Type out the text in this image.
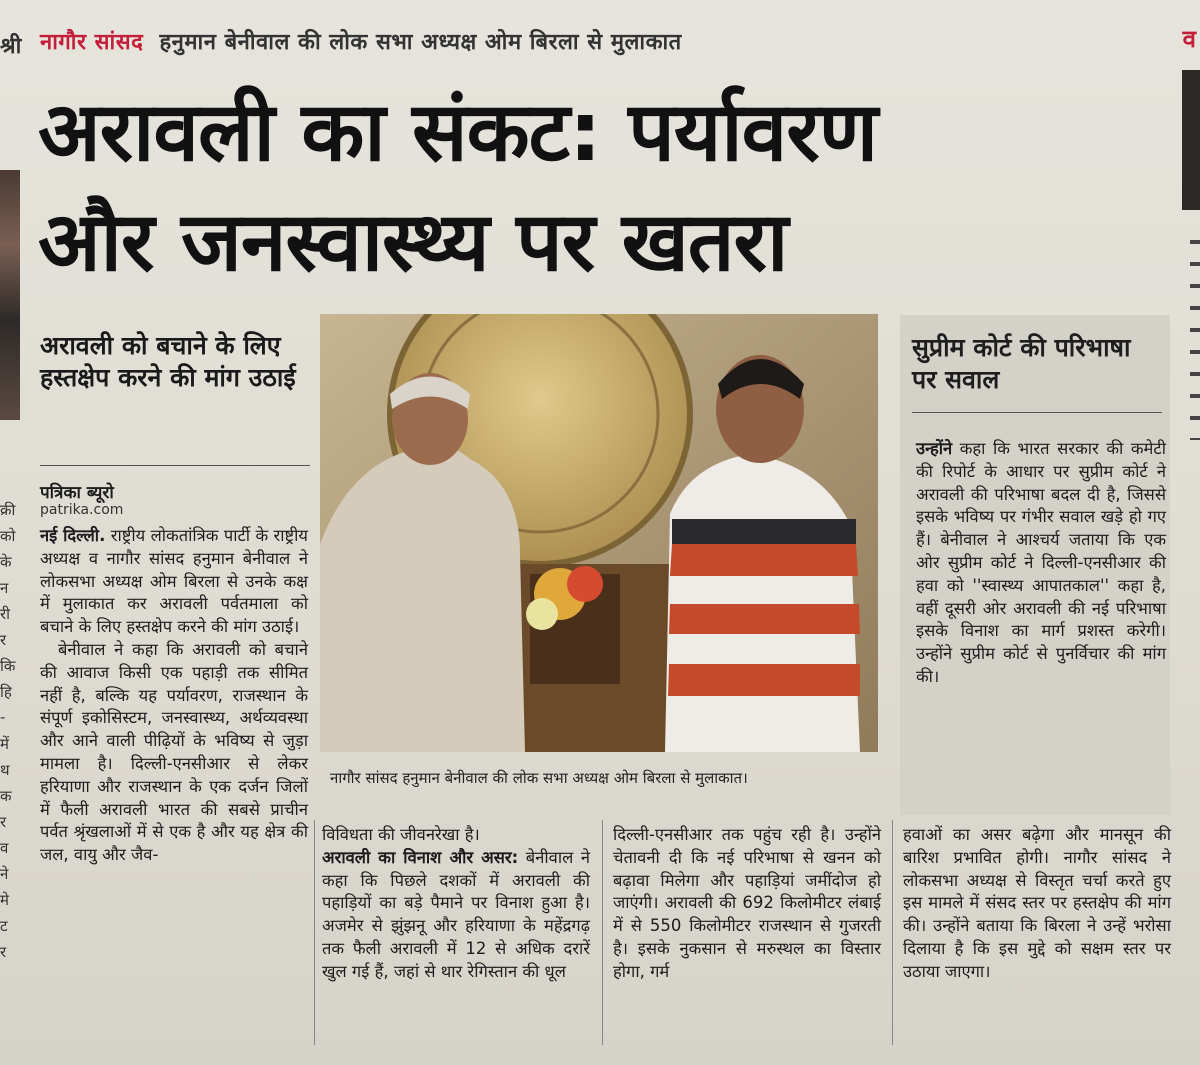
श्री
क्री
को
के
न
री
र
कि
हि
-
में
थ
क
र
व
ने
मे
ट
र
व
नागौर सांसद हनुमान बेनीवाल की लोक सभा अध्यक्ष ओम बिरला से मुलाकात
अरावली का संकट: पर्यावरण
और जनस्वास्थ्य पर खतरा
अरावली को बचाने के लिए हस्तक्षेप करने की मांग उठाई
पत्रिका ब्यूरो
patrika.com

नई दिल्ली. राष्ट्रीय लोकतांत्रिक पार्टी के राष्ट्रीय अध्यक्ष व नागौर सांसद हनुमान बेनीवाल ने लोकसभा अध्यक्ष ओम बिरला से उनके कक्ष में मुलाकात कर अरावली पर्वतमाला को बचाने के लिए हस्तक्षेप करने की मांग उठाई।

बेनीवाल ने कहा कि अरावली को बचाने की आवाज किसी एक पहाड़ी तक सीमित नहीं है, बल्कि यह पर्यावरण, राजस्थान के संपूर्ण इकोसिस्टम, जनस्वास्थ्य, अर्थव्यवस्था और आने वाली पीढ़ियों के भविष्य से जुड़ा मामला है। दिल्ली-एनसीआर से लेकर हरियाणा और राजस्थान के एक दर्जन जिलों में फैली अरावली भारत की सबसे प्राचीन पर्वत श्रृंखलाओं में से एक है और यह क्षेत्र की जल, वायु और जैव-

नागौर सांसद हनुमान बेनीवाल की लोक सभा अध्यक्ष ओम बिरला से मुलाकात।
सुप्रीम कोर्ट की परिभाषा पर सवाल

उन्होंने कहा कि भारत सरकार की कमेटी की रिपोर्ट के आधार पर सुप्रीम कोर्ट ने अरावली की परिभाषा बदल दी है, जिससे इसके भविष्य पर गंभीर सवाल खड़े हो गए हैं। बेनीवाल ने आश्चर्य जताया कि एक ओर सुप्रीम कोर्ट ने दिल्ली-एनसीआर की हवा को ''स्वास्थ्य आपातकाल'' कहा है, वहीं दूसरी ओर अरावली की नई परिभाषा इसके विनाश का मार्ग प्रशस्त करेगी। उन्होंने सुप्रीम कोर्ट से पुनर्विचार की मांग की।

विविधता की जीवनरेखा है।

अरावली का विनाश और असर: बेनीवाल ने कहा कि पिछले दशकों में अरावली की पहाड़ियों का बड़े पैमाने पर विनाश हुआ है। अजमेर से झुंझनू और हरियाणा के महेंद्रगढ़ तक फैली अरावली में 12 से अधिक दरारें खुल गई हैं, जहां से थार रेगिस्तान की धूल

दिल्ली-एनसीआर तक पहुंच रही है। उन्होंने चेतावनी दी कि नई परिभाषा से खनन को बढ़ावा मिलेगा और पहाड़ियां जमींदोज हो जाएंगी। अरावली की 692 किलोमीटर लंबाई में से 550 किलोमीटर राजस्थान से गुजरती है। इसके नुकसान से मरुस्थल का विस्तार होगा, गर्म

हवाओं का असर बढ़ेगा और मानसून की बारिश प्रभावित होगी। नागौर सांसद ने लोकसभा अध्यक्ष से विस्तृत चर्चा करते हुए इस मामले में संसद स्तर पर हस्तक्षेप की मांग की। उन्होंने बताया कि बिरला ने उन्हें भरोसा दिलाया है कि इस मुद्दे को सक्षम स्तर पर उठाया जाएगा।
